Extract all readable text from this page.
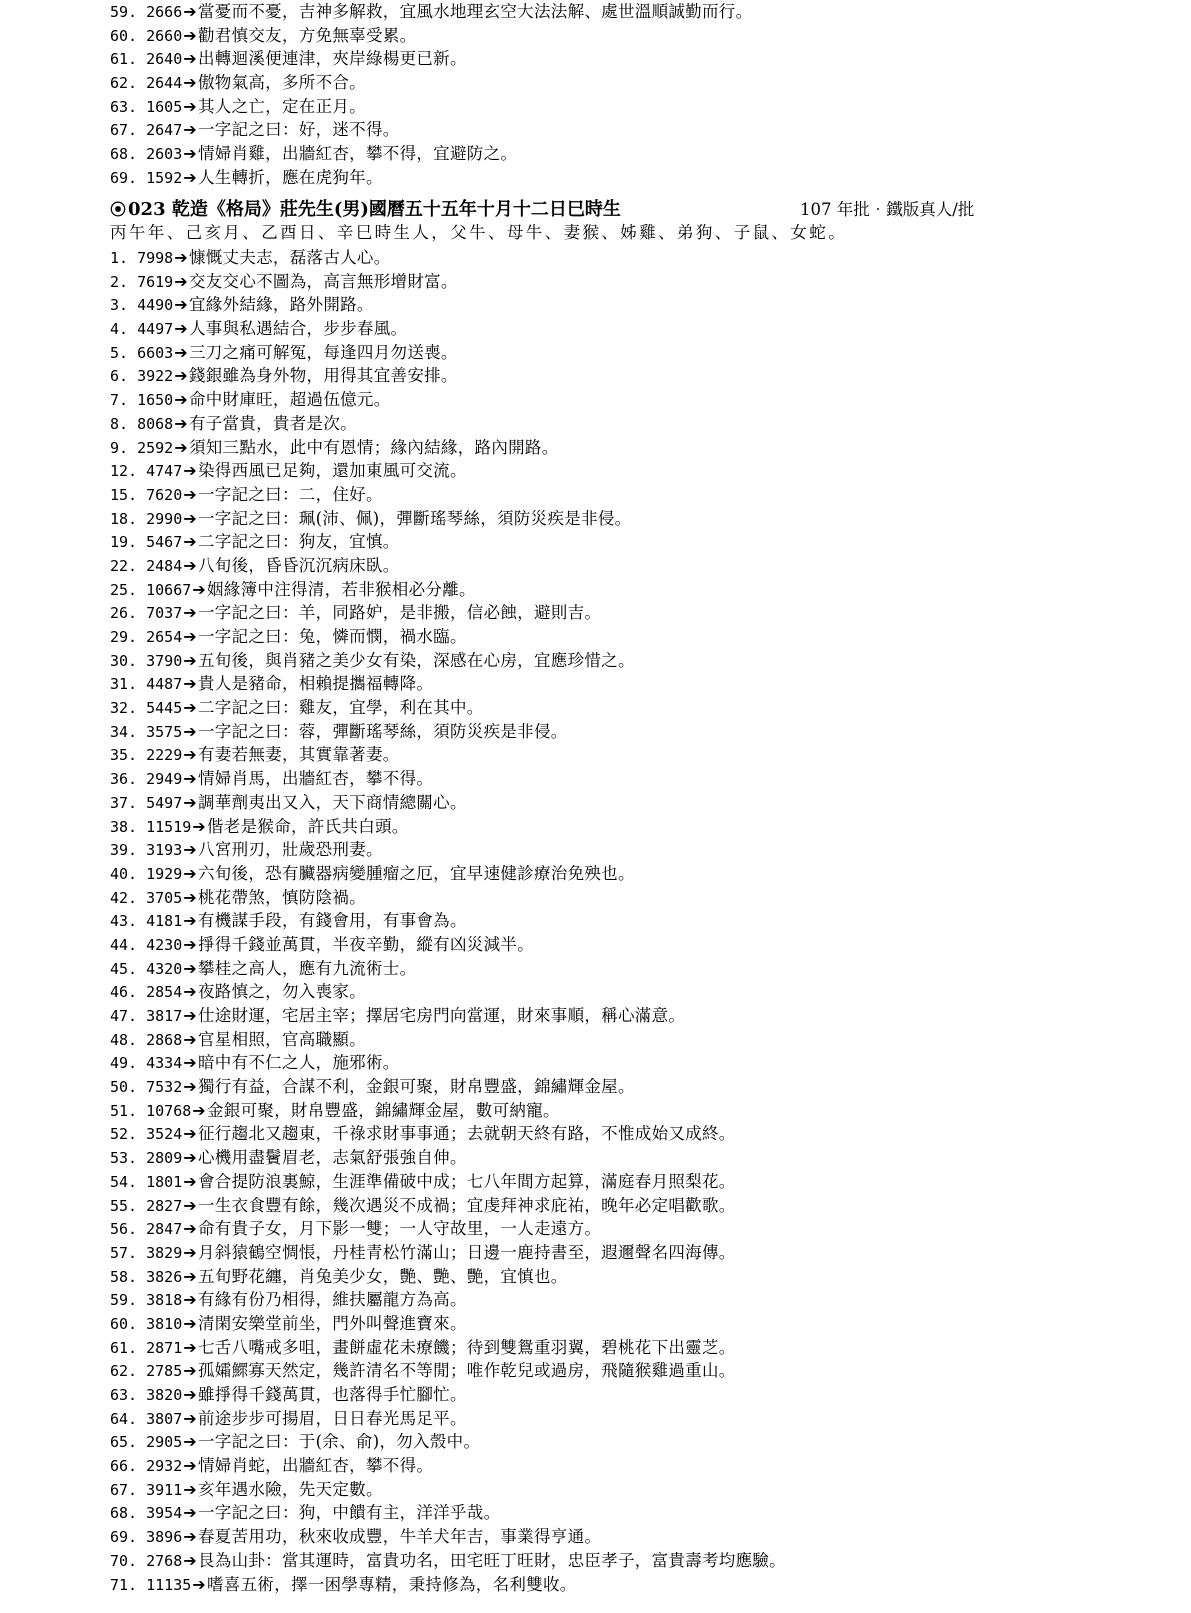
59. 2666➔當憂而不憂，吉神多解救，宜風水地理玄空大法法解、處世溫順誠勤而行。
60. 2660➔勸君慎交友，方免無辜受累。
61. 2640➔出轉迴溪便連津，夾岸綠楊更已新。
62. 2644➔傲物氣高，多所不合。
63. 1605➔其人之亡，定在正月。
67. 2647➔一字記之曰：好，迷不得。
68. 2603➔情婦肖雞，出牆紅杏，攀不得，宜避防之。
69. 1592➔人生轉折，應在虎狗年。
⦿ 023 乾造《格局》莊先生(男)國曆五十五年十月十二日巳時生	107 年批‧鐵版真人/批
丙午年、己亥月、乙酉日、辛巳時生人，父牛、母牛、妻猴、姊雞、弟狗、子鼠、女蛇。
1. 7998➔慷慨丈夫志，磊落古人心。
2. 7619➔交友交心不圖為，高言無形增財富。
3. 4490➔宜緣外結緣，路外開路。
4. 4497➔人事與私遇結合，步步春風。
5. 6603➔三刀之痛可解冤，每逢四月勿送喪。
6. 3922➔錢銀雖為身外物，用得其宜善安排。
7. 1650➔命中財庫旺，超過伍億元。
8. 8068➔有子當貴，貴者是次。
9. 2592➔須知三點水，此中有恩情；緣內結緣，路內開路。
12. 4747➔染得西風已足夠，還加東風可交流。
15. 7620➔一字記之曰：二，住好。
18. 2990➔一字記之曰：珮(沛、佩)，彈斷瑤琴絲，須防災疾是非侵。
19. 5467➔二字記之曰：狗友，宜慎。
22. 2484➔八旬後，昏昏沉沉病床臥。
25. 10667➔姻緣簿中注得清，若非猴相必分離。
26. 7037➔一字記之曰：羊，同路妒，是非搬，信必蝕，避則吉。
29. 2654➔一字記之曰：兔，憐而憫，禍水臨。
30. 3790➔五旬後，與肖豬之美少女有染，深感在心房，宜應珍惜之。
31. 4487➔貴人是豬命，相賴提攜福轉降。
32. 5445➔二字記之曰：雞友，宜學，利在其中。
34. 3575➔一字記之曰：蓉，彈斷瑤琴絲，須防災疾是非侵。
35. 2229➔有妻若無妻，其實靠著妻。
36. 2949➔情婦肖馬，出牆紅杏，攀不得。
37. 5497➔調華劑夷出又入，天下商情總關心。
38. 11519➔偕老是猴命，許氏共白頭。
39. 3193➔八宮刑刃，壯歲恐刑妻。
40. 1929➔六旬後，恐有臟器病變腫瘤之厄，宜早速健診療治免殃也。
42. 3705➔桃花帶煞，慎防陰禍。
43. 4181➔有機謀手段，有錢會用，有事會為。
44. 4230➔掙得千錢並萬貫，半夜辛勤，縱有凶災減半。
45. 4320➔攀桂之高人，應有九流術士。
46. 2854➔夜路慎之，勿入喪家。
47. 3817➔仕途財運，宅居主宰；擇居宅房門向當運，財來事順，稱心滿意。
48. 2868➔官星相照，官高職顯。
49. 4334➔暗中有不仁之人，施邪術。
50. 7532➔獨行有益，合謀不利，金銀可聚，財帛豐盛，錦繡輝金屋。
51. 10768➔金銀可聚，財帛豐盛，錦繡輝金屋，數可納寵。
52. 3524➔征行趨北又趨東，千祿求財事事通；去就朝天終有路，不惟成始又成終。
53. 2809➔心機用盡鬢眉老，志氣舒張強自伸。
54. 1801➔會合提防浪裏鯨，生涯準備破中成；七八年間方起算，滿庭春月照梨花。
55. 2827➔一生衣食豐有餘，幾次遇災不成禍；宜虔拜神求庇祐，晚年必定唱歡歌。
56. 2847➔命有貴子女，月下影一雙；一人守故里，一人走遠方。
57. 3829➔月斜猿鶴空惆悵，丹桂青松竹滿山；日邊一鹿持書至，遐邇聲名四海傳。
58. 3826➔五旬野花纏，肖兔美少女，艷、艷、艷，宜慎也。
59. 3818➔有緣有份乃相得，維扶屬龍方為高。
60. 3810➔清閑安樂堂前坐，門外叫聲進寶來。
61. 2871➔七舌八嘴戒多咀，畫餅虛花未療饑；待到雙鴛重羽翼，碧桃花下出靈芝。
62. 2785➔孤孀鰥寡天然定，幾許清名不等閒；唯作乾兒或過房，飛隨猴雞過重山。
63. 3820➔雖掙得千錢萬貫，也落得手忙腳忙。
64. 3807➔前途步步可揚眉，日日春光馬足平。
65. 2905➔一字記之曰：于(余、俞)，勿入殼中。
66. 2932➔情婦肖蛇，出牆紅杏，攀不得。
67. 3911➔亥年遇水險，先天定數。
68. 3954➔一字記之曰：狗，中饋有主，洋洋乎哉。
69. 3896➔春夏苦用功，秋來收成豐，牛羊犬年吉，事業得亨通。
70. 2768➔艮為山卦：當其運時，富貴功名，田宅旺丁旺財，忠臣孝子，富貴壽考均應驗。
71. 11135➔嗜喜五術，擇一困學專精，秉持修為，名利雙收。
